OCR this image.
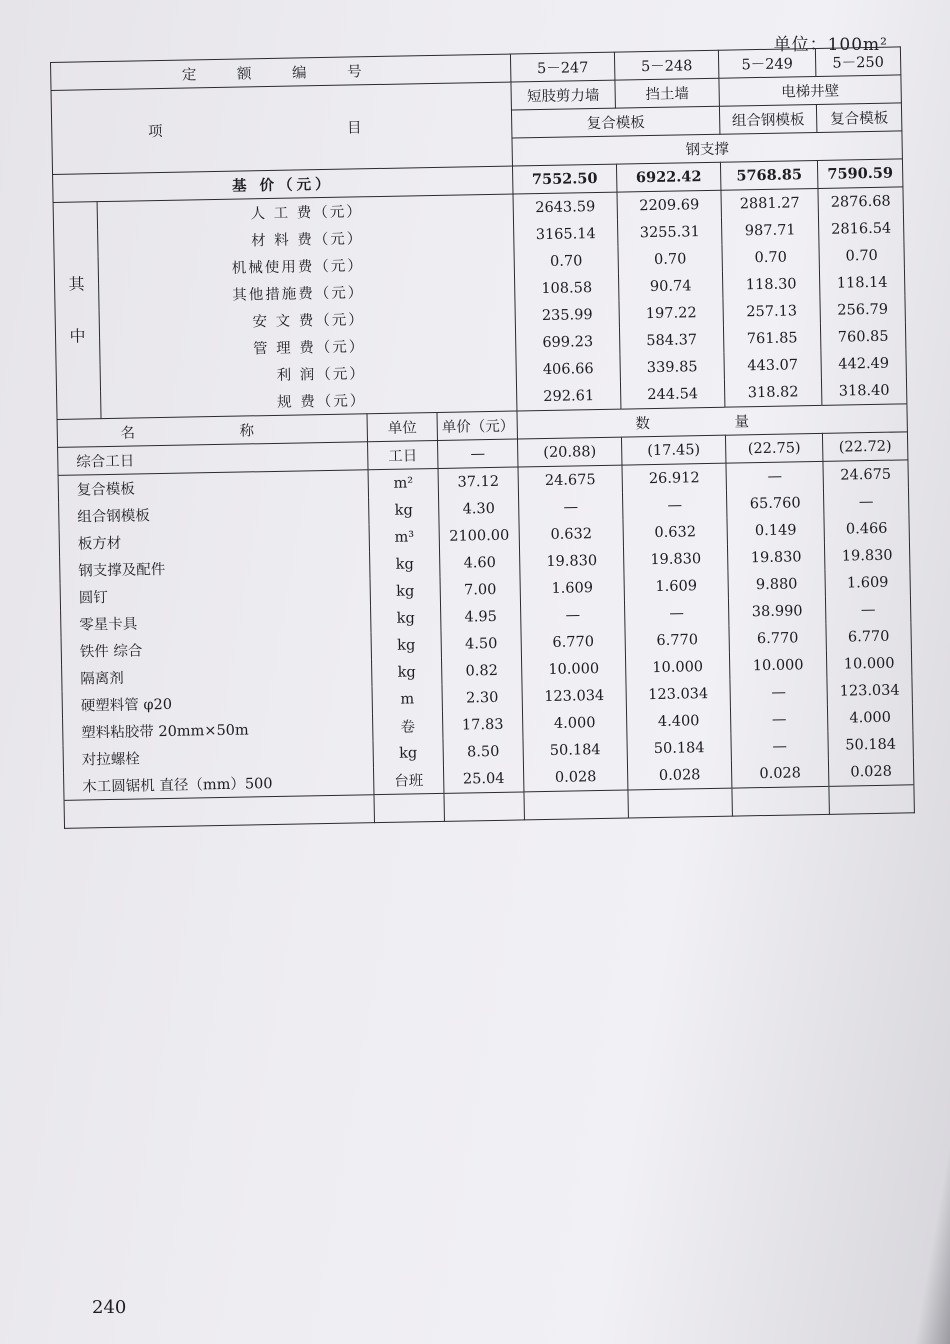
单位：100m²
定 额 编 号				5－247	5－248	5－249	5－250
项 目				短肢剪力墙	挡土墙	电梯井壁	
				复合模板		组合钢模板	复合模板
				钢支撑			
基 价（元）				7552.50	6922.42	5768.85	7590.59

其
中	人 工 费（元）			2643.59	2209.69	2881.27	2876.68
	材 料 费（元）			3165.14	3255.31	987.71	2816.54
	机械使用费（元）			0.70	0.70	0.70	0.70
	其他措施费（元）			108.58	90.74	118.30	118.14
	安 文 费（元）			235.99	197.22	257.13	256.79
	管 理 费（元）			699.23	584.37	761.85	760.85
	利 润（元）			406.66	339.85	443.07	442.49
	规 费（元）			292.61	244.54	318.82	318.40
名 称		单位	单价（元）	数 量			
综合工日		工日	—	(20.88)	(17.45)	(22.75)	(22.72)
复合模板		m²	37.12	24.675	26.912	—	24.675
组合钢模板		kg	4.30	—	—	65.760	—
板方材		m³	2100.00	0.632	0.632	0.149	0.466
钢支撑及配件		kg	4.60	19.830	19.830	19.830	19.830
圆钉		kg	7.00	1.609	1.609	9.880	1.609
零星卡具		kg	4.95	—	—	38.990	—
铁件 综合		kg	4.50	6.770	6.770	6.770	6.770
隔离剂		kg	0.82	10.000	10.000	10.000	10.000
硬塑料管 φ20		m	2.30	123.034	123.034	—	123.034
塑料粘胶带 20mm×50m		卷	17.83	4.000	4.400	—	4.000
对拉螺栓		kg	8.50	50.184	50.184	—	50.184
木工圆锯机 直径（mm）500		台班	25.04	0.028	0.028	0.028	0.028

240
